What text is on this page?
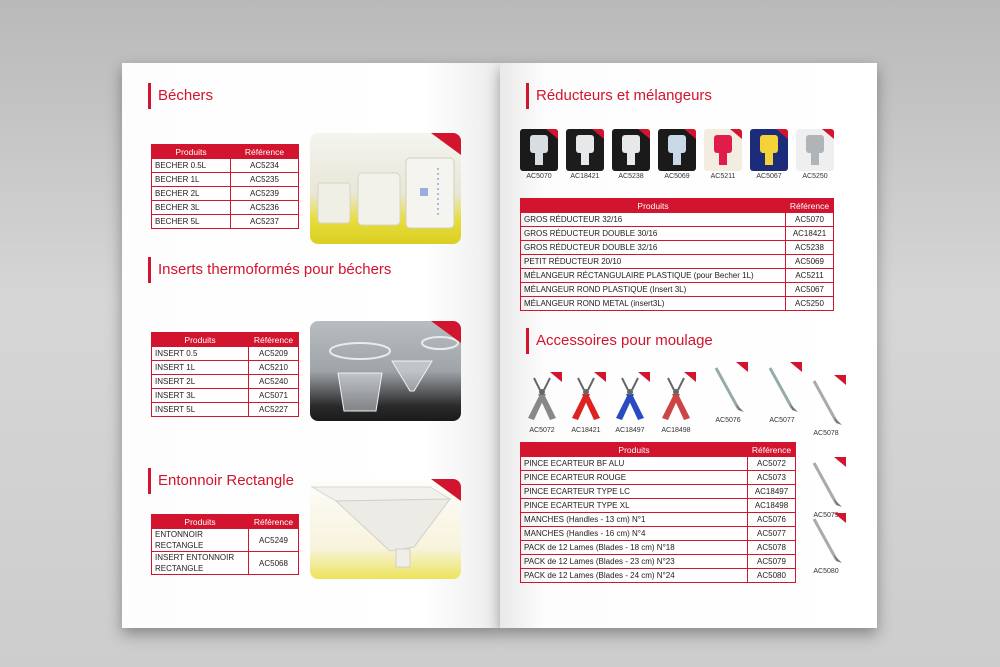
Béchers
Produits	Référence
BECHER 0.5L	AC5234
BECHER 1L	AC5235
BECHER 2L	AC5239
BECHER 3L	AC5236
BECHER 5L	AC5237
Inserts thermoformés pour béchers
Produits	Référence
INSERT 0.5	AC5209
INSERT 1L	AC5210
INSERT 2L	AC5240
INSERT 3L	AC5071
INSERT 5L	AC5227
Entonnoir Rectangle
Produits	Référence
ENTONNOIR RECTANGLE	AC5249
INSERT ENTONNOIR RECTANGLE	AC5068
Réducteurs et mélangeurs
AC5070	AC18421	AC5238	AC5069	AC5211	AC5067	AC5250
Produits	Référence
GROS RÉDUCTEUR 32/16	AC5070
GROS RÉDUCTEUR DOUBLE 30/16	AC18421
GROS RÉDUCTEUR DOUBLE 32/16	AC5238
PETIT RÉDUCTEUR 20/10	AC5069
MÉLANGEUR RÉCTANGULAIRE PLASTIQUE (pour Becher 1L)	AC5211
MÉLANGEUR ROND PLASTIQUE (Insert 3L)	AC5067
MÉLANGEUR ROND METAL (insert3L)	AC5250
Accessoires pour moulage
AC5072	AC18421	AC18497	AC18498
AC5076	AC5077
AC5078
AC5079
AC5080
Produits	Référence
PINCE ECARTEUR BF ALU	AC5072
PINCE ECARTEUR ROUGE	AC5073
PINCE ECARTEUR TYPE LC	AC18497
PINCE ECARTEUR TYPE XL	AC18498
MANCHES (Handles - 13 cm) N°1	AC5076
MANCHES (Handles - 16 cm) N°4	AC5077
PACK de 12 Lames (Blades - 18 cm) N°18	AC5078
PACK de 12 Lames (Blades - 23 cm) N°23	AC5079
PACK de 12 Lames (Blades - 24 cm) N°24	AC5080
